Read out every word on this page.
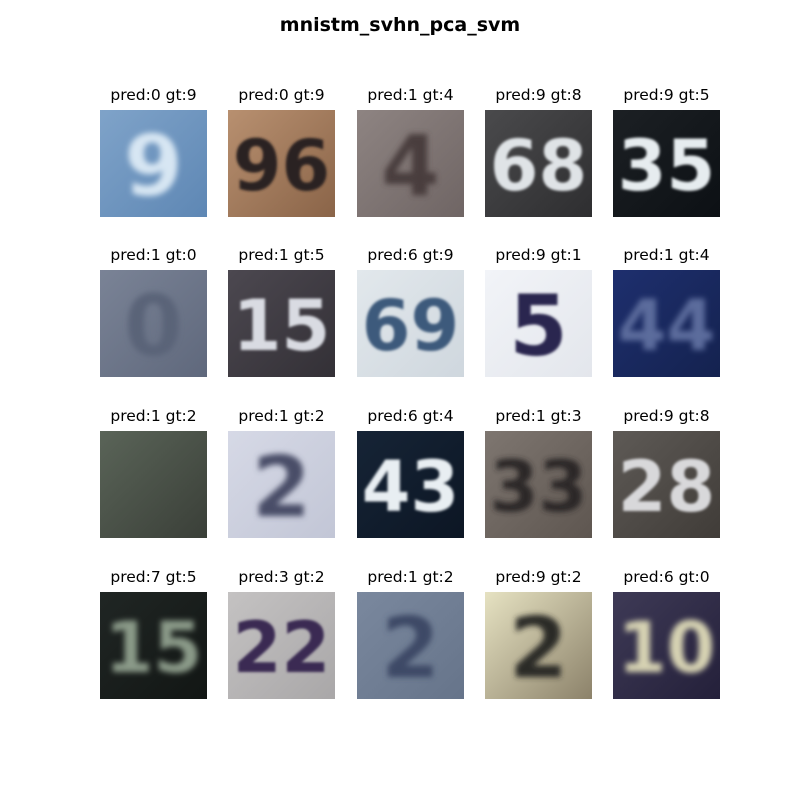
mnistm_svhn_pca_svm
pred:0 gt:9
9
pred:0 gt:9
96
pred:1 gt:4
4
pred:9 gt:8
68
pred:9 gt:5
35
pred:1 gt:0
0
pred:1 gt:5
15
pred:6 gt:9
69
pred:9 gt:1
5
pred:1 gt:4
44
pred:1 gt:2	pred:1 gt:2
2
pred:6 gt:4
43
pred:1 gt:3
33
pred:9 gt:8
28
pred:7 gt:5
15
pred:3 gt:2
22
pred:1 gt:2
2
pred:9 gt:2
2
pred:6 gt:0
10
